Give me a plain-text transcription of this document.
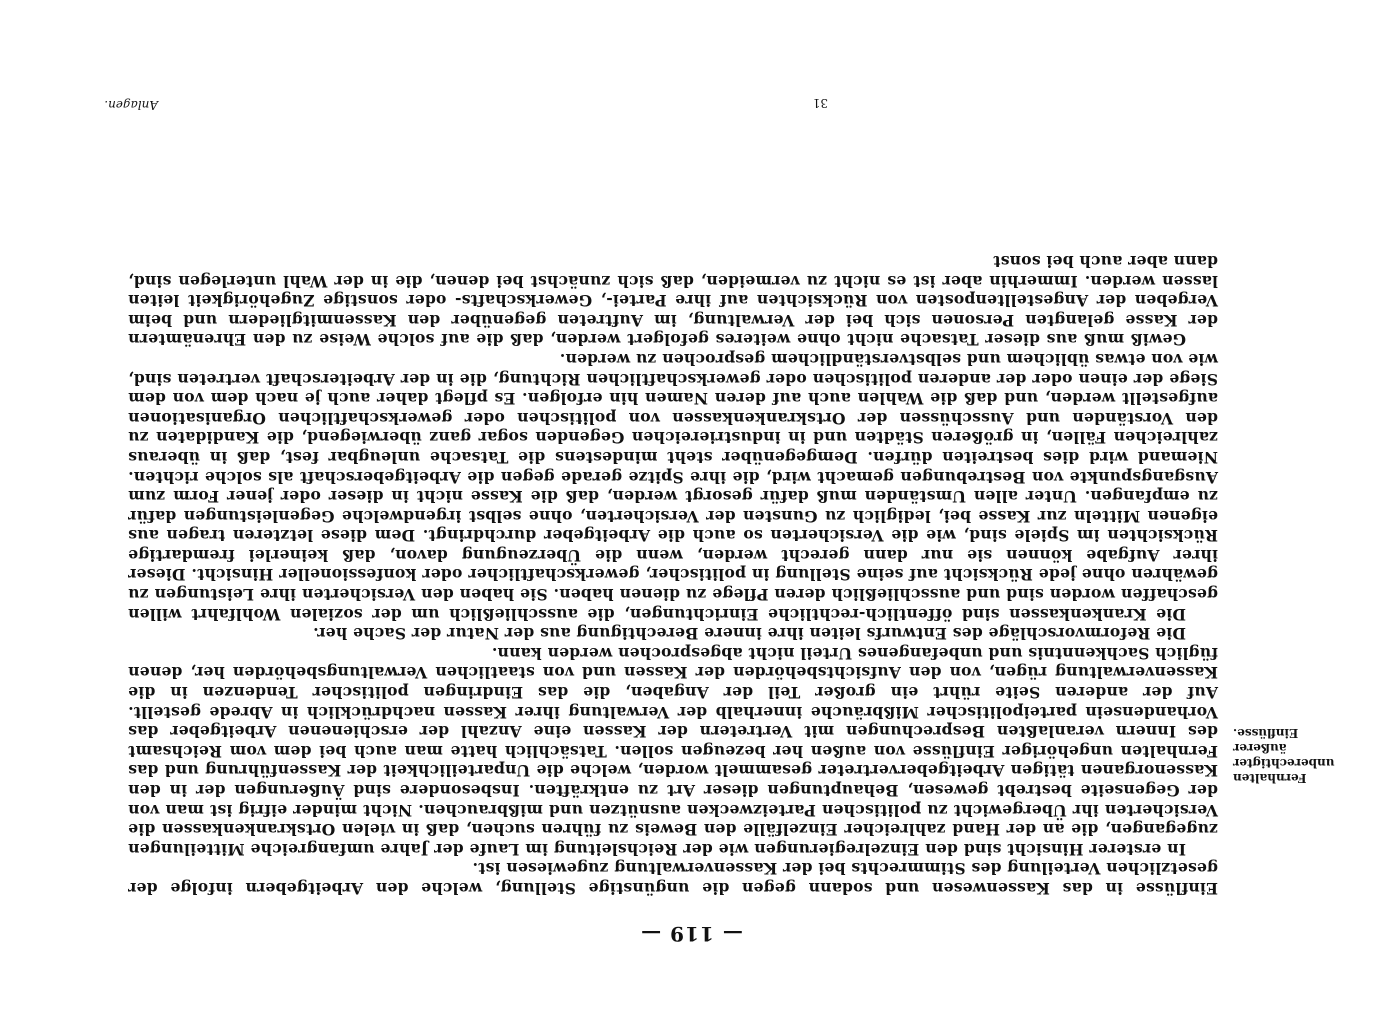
— 119 —
Fernhalten unberechtigter äußerer Einflüsse.

Einflüsse in das Kassenwesen und sodann gegen die ungünstige Stellung, welche den Arbeitgebern infolge der gesetzlichen Verteilung des Stimmrechts bei der Kassenverwaltung zugewiesen ist.

In ersterer Hinsicht sind den Einzelregierungen wie der Reichsleitung im Laufe der Jahre umfangreiche Mitteilungen zugegangen, die an der Hand zahlreicher Einzelfälle den Beweis zu führen suchen, daß in vielen Ortskrankenkassen die Versicherten ihr Übergewicht zu politischen Parteizwecken ausnützen und mißbrauchen. Nicht minder eifrig ist man von der Gegenseite bestrebt gewesen, Behauptungen dieser Art zu entkräften. Insbesondere sind Äußerungen der in den Kassenorganen tätigen Arbeitgebervertreter gesammelt worden, welche die Unparteilichkeit der Kassenführung und das Fernhalten ungehöriger Einflüsse von außen her bezeugen sollen. Tatsächlich hatte man auch bei dem vom Reichsamt des Innern veranlaßten Besprechungen mit Vertretern der Kassen eine Anzahl der erschienenen Arbeitgeber das Vorhandensein parteipolitischer Mißbräuche innerhalb der Verwaltung ihrer Kassen nachdrücklich in Abrede gestellt. Auf der anderen Seite rührt ein großer Teil der Angaben, die das Eindringen politischer Tendenzen in die Kassenverwaltung rügen, von den Aufsichtsbehörden der Kassen und von staatlichen Verwaltungsbehörden her, denen füglich Sachkenntnis und unbefangenes Urteil nicht abgesprochen werden kann.

Die Reformvorschläge des Entwurfs leiten ihre innere Berechtigung aus der Natur der Sache her.

Die Krankenkassen sind öffentlich-rechtliche Einrichtungen, die ausschließlich um der sozialen Wohlfahrt willen geschaffen worden sind und ausschließlich deren Pflege zu dienen haben. Sie haben den Versicherten ihre Leistungen zu gewähren ohne jede Rücksicht auf seine Stellung in politischer, gewerkschaftlicher oder konfessioneller Hinsicht. Dieser ihrer Aufgabe können sie nur dann gerecht werden, wenn die Überzeugung davon, daß keinerlei fremdartige Rücksichten im Spiele sind, wie die Versicherten so auch die Arbeitgeber durchdringt. Dem diese letzteren tragen aus eigenen Mitteln zur Kasse bei, lediglich zu Gunsten der Versicherten, ohne selbst irgendwelche Gegenleistungen dafür zu empfangen. Unter allen Umständen muß dafür gesorgt werden, daß die Kasse nicht in dieser oder jener Form zum Ausgangspunkte von Bestrebungen gemacht wird, die ihre Spitze gerade gegen die Arbeitgeberschaft als solche richten. Niemand wird dies bestreiten dürfen. Demgegenüber steht mindestens die Tatsache unleugbar fest, daß in überaus zahlreichen Fällen, in größeren Städten und in industriereichen Gegenden sogar ganz überwiegend, die Kandidaten zu den Vorständen und Ausschüssen der Ortskrankenkassen von politischen oder gewerkschaftlichen Organisationen aufgestellt werden, und daß die Wahlen auch auf deren Namen hin erfolgen. Es pflegt daher auch je nach dem von dem Siege der einen oder der anderen politischen oder gewerkschaftlichen Richtung, die in der Arbeiterschaft vertreten sind, wie von etwas üblichem und selbstverständlichem gesprochen zu werden.

Gewiß muß aus dieser Tatsache nicht ohne weiteres gefolgert werden, daß die auf solche Weise zu den Ehrenämtern der Kasse gelangten Personen sich bei der Verwaltung, im Auftreten gegenüber den Kassenmitgliedern und beim Vergeben der Angestelltenposten von Rücksichten auf ihre Partei-, Gewerkschafts- oder sonstige Zugehörigkeit leiten lassen werden. Immerhin aber ist es nicht zu vermeiden, daß sich zunächst bei denen, die in der Wahl unterlegen sind, dann aber auch bei sonst

31
Anlagen.
